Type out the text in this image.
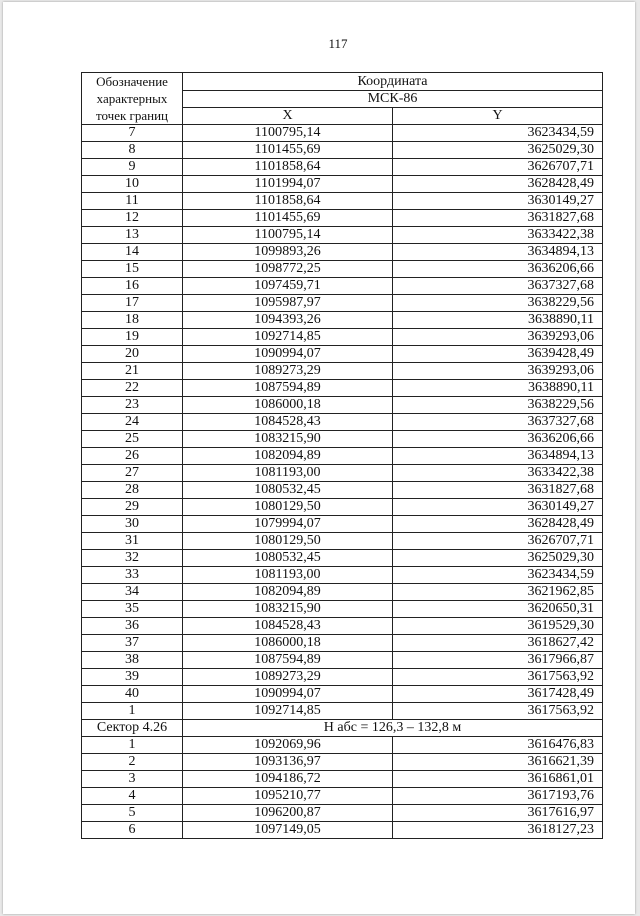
117
Обозначение характерных точек границ	Координата	
	МСК-86	
	X	Y
7	1100795,14	3623434,59
8	1101455,69	3625029,30
9	1101858,64	3626707,71
10	1101994,07	3628428,49
11	1101858,64	3630149,27
12	1101455,69	3631827,68
13	1100795,14	3633422,38
14	1099893,26	3634894,13
15	1098772,25	3636206,66
16	1097459,71	3637327,68
17	1095987,97	3638229,56
18	1094393,26	3638890,11
19	1092714,85	3639293,06
20	1090994,07	3639428,49
21	1089273,29	3639293,06
22	1087594,89	3638890,11
23	1086000,18	3638229,56
24	1084528,43	3637327,68
25	1083215,90	3636206,66
26	1082094,89	3634894,13
27	1081193,00	3633422,38
28	1080532,45	3631827,68
29	1080129,50	3630149,27
30	1079994,07	3628428,49
31	1080129,50	3626707,71
32	1080532,45	3625029,30
33	1081193,00	3623434,59
34	1082094,89	3621962,85
35	1083215,90	3620650,31
36	1084528,43	3619529,30
37	1086000,18	3618627,42
38	1087594,89	3617966,87
39	1089273,29	3617563,92
40	1090994,07	3617428,49
1	1092714,85	3617563,92
Сектор 4.26	Н абс = 126,3 – 132,8 м	
1	1092069,96	3616476,83
2	1093136,97	3616621,39
3	1094186,72	3616861,01
4	1095210,77	3617193,76
5	1096200,87	3617616,97
6	1097149,05	3618127,23
